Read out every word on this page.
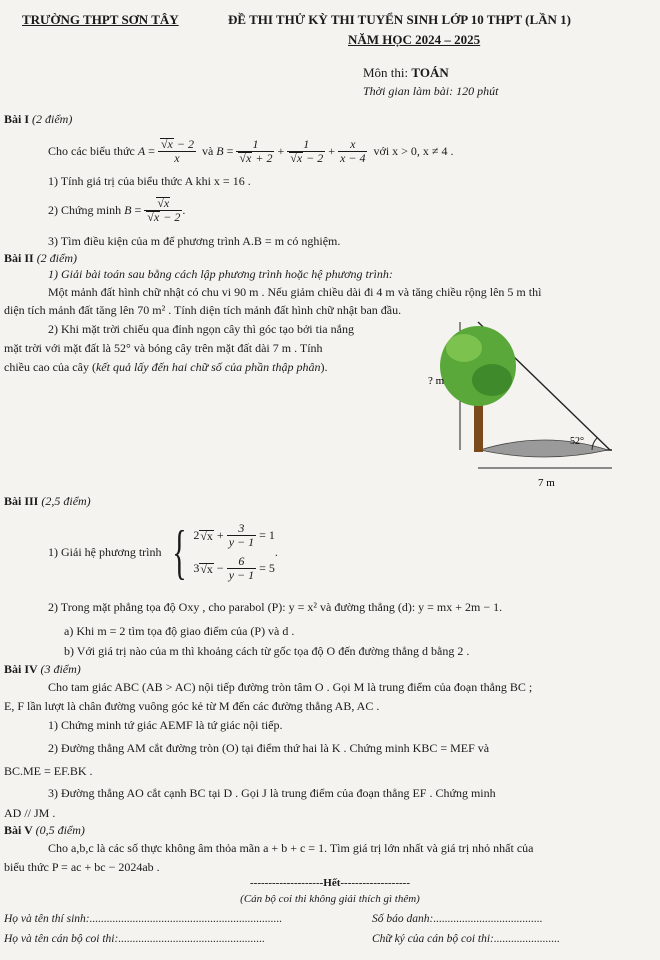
TRƯỜNG THPT SƠN TÂY	ĐỀ THI THỬ KỲ THI TUYỂN SINH LỚP 10 THPT (LẦN 1)
NĂM HỌC 2024 – 2025
Môn thi: TOÁN
Thời gian làm bài: 120 phút
Bài I (2 điểm)
Cho các biểu thức
$A = \frac{√x - 2}{x}$
và
$B = \frac{1}{√x + 2} + \frac{1}{√x - 2} + \frac{x}{x - 4}$
với x > 0, x ≠ 4 .
1) Tính giá trị của biểu thức A khi x = 16 .
2) Chứng minh
$B = \frac{√x}{√x - 2}$ .
3) Tìm điều kiện của m để phương trình A.B = m có nghiệm.
Bài II (2 điểm)
1) Giải bài toán sau bằng cách lập phương trình hoặc hệ phương trình:
Một mảnh đất hình chữ nhật có chu vi 90 m . Nếu giảm chiều dài đi 4 m và tăng chiều rộng lên 5 m thì
diện tích mảnh đất tăng lên 70 m² . Tính diện tích mảnh đất hình chữ nhật ban đầu.
2) Khi mặt trời chiếu qua đỉnh ngọn cây thì góc tạo bởi tia nắng
mặt trời với mặt đất là 52° và bóng cây trên mặt đất dài 7 m . Tính
chiều cao của cây (kết quả lấy đến hai chữ số của phần thập phân).
? m
52°
7 m
Bài III (2,5 điểm)
1) Giải hệ phương trình
{ 2 $√x + \frac{3}{y - 1} = 1$
3 $√x - \frac{6}{y - 1} = 5$
.
2) Trong mặt phẳng tọa độ Oxy , cho parabol (P): y = x² và đường thẳng (d): y = mx + 2m − 1.
a) Khi m = 2 tìm tọa độ giao điểm của (P) và d .
b) Với giá trị nào của m thì khoảng cách từ gốc tọa độ O đến đường thẳng d bằng 2 .
Bài IV (3 điểm)
Cho tam giác ABC (AB > AC) nội tiếp đường tròn tâm O . Gọi M là trung điểm của đoạn thẳng BC ;
E, F lần lượt là chân đường vuông góc kẻ từ M đến các đường thẳng AB, AC .
1) Chứng minh tứ giác AEMF là tứ giác nội tiếp.
2) Đường thẳng AM cắt đường tròn (O) tại điểm thứ hai là K . Chứng minh KBC = MEF và
BC.ME = EF.BK .
3) Đường thẳng AO cắt cạnh BC tại D . Gọi J là trung điểm của đoạn thẳng EF . Chứng minh
AD // JM .
Bài V (0,5 điểm)
Cho a,b,c là các số thực không âm thỏa mãn a + b + c = 1. Tìm giá trị lớn nhất và giá trị nhỏ nhất của
biểu thức P = ac + bc − 2024ab .
--------------------Hết-------------------
(Cán bộ coi thi không giải thích gì thêm)
Họ và tên thí sinh:...................................................................	Số báo danh:......................................
Họ và tên cán bộ coi thi:...................................................	Chữ ký của cán bộ coi thi:.......................
